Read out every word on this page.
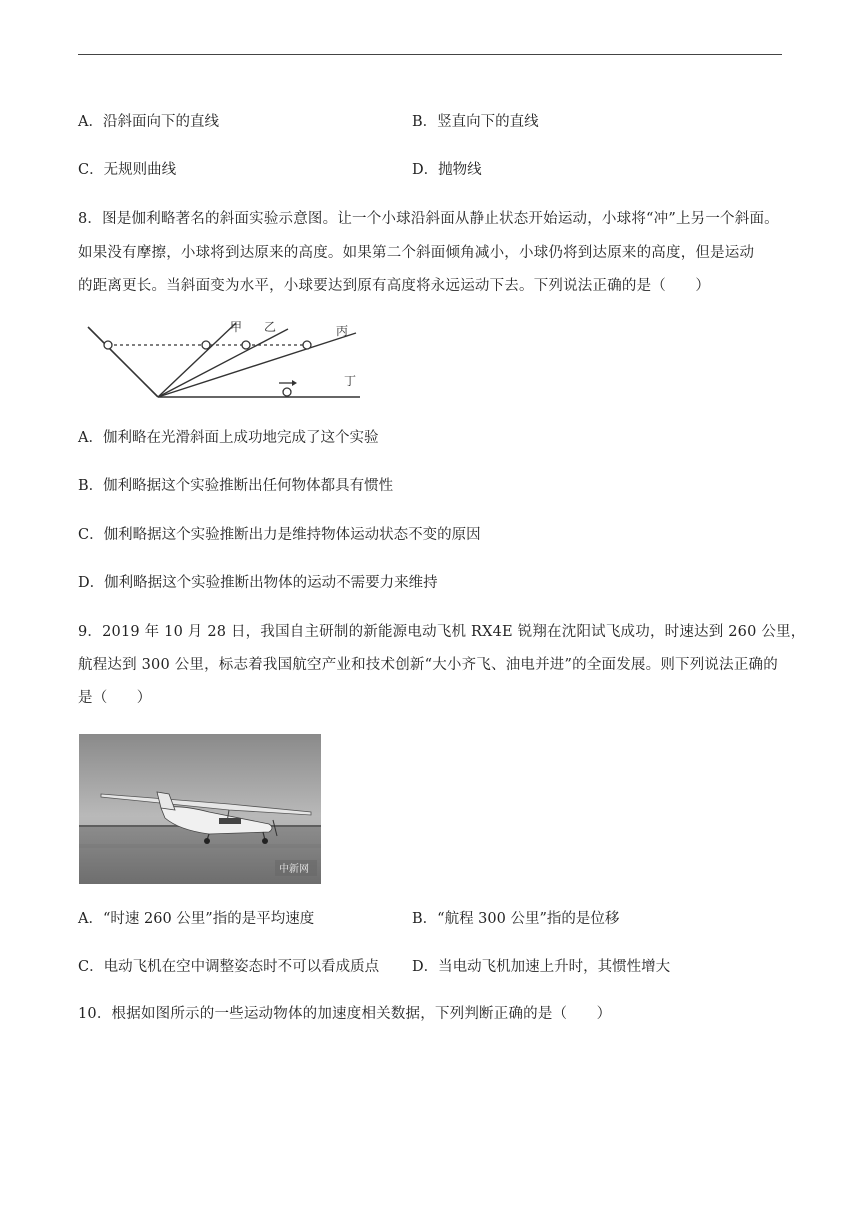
A．沿斜面向下的直线	B．竖直向下的直线
C．无规则曲线	D．抛物线
8．图是伽利略著名的斜面实验示意图。让一个小球沿斜面从静止状态开始运动，小球将“冲”上另一个斜面。
如果没有摩擦，小球将到达原来的高度。如果第二个斜面倾角减小，小球仍将到达原来的高度，但是运动
的距离更长。当斜面变为水平，小球要达到原有高度将永远运动下去。下列说法正确的是（　　）
甲 乙	丙
丁
A．伽利略在光滑斜面上成功地完成了这个实验
B．伽利略据这个实验推断出任何物体都具有惯性
C．伽利略据这个实验推断出力是维持物体运动状态不变的原因
D．伽利略据这个实验推断出物体的运动不需要力来维持
9．2019 年 10 月 28 日，我国自主研制的新能源电动飞机 RX4E 锐翔在沈阳试飞成功，时速达到 260 公里，
航程达到 300 公里，标志着我国航空产业和技术创新“大小齐飞、油电并进”的全面发展。则下列说法正确的
是（　　）
中新网
A．“时速 260 公里”指的是平均速度	B．“航程 300 公里”指的是位移
C．电动飞机在空中调整姿态时不可以看成质点 D．当电动飞机加速上升时，其惯性增大
10．根据如图所示的一些运动物体的加速度相关数据，下列判断正确的是（　　）
